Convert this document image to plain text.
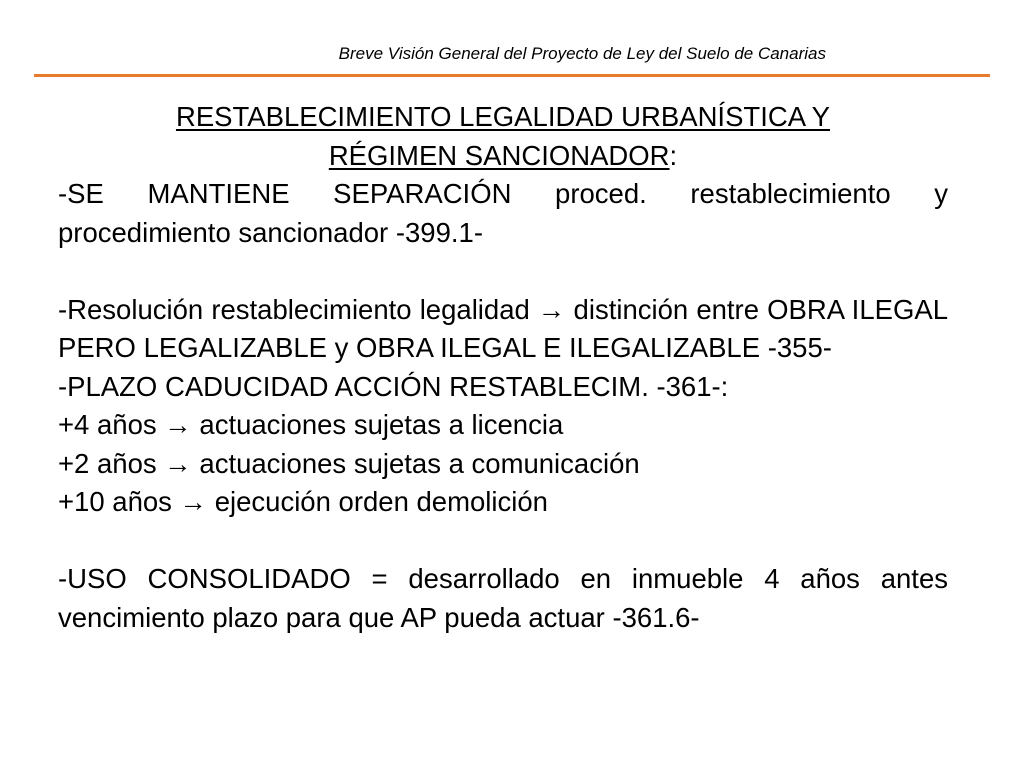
Breve Visión General del Proyecto de Ley del Suelo de Canarias
RESTABLECIMIENTO LEGALIDAD URBANÍSTICA Y
RÉGIMEN SANCIONADOR:
-SE MANTIENE SEPARACIÓN proced. restablecimiento y procedimiento sancionador -399.1-
-Resolución restablecimiento legalidad → distinción entre OBRA ILEGAL PERO LEGALIZABLE y OBRA ILEGAL E ILEGALIZABLE -355-
-PLAZO CADUCIDAD ACCIÓN RESTABLECIM. -361-:
+4 años → actuaciones sujetas a licencia
+2 años → actuaciones sujetas a comunicación
+10 años → ejecución orden demolición
-USO CONSOLIDADO = desarrollado en inmueble 4 años antes vencimiento plazo para que AP pueda actuar -361.6-
